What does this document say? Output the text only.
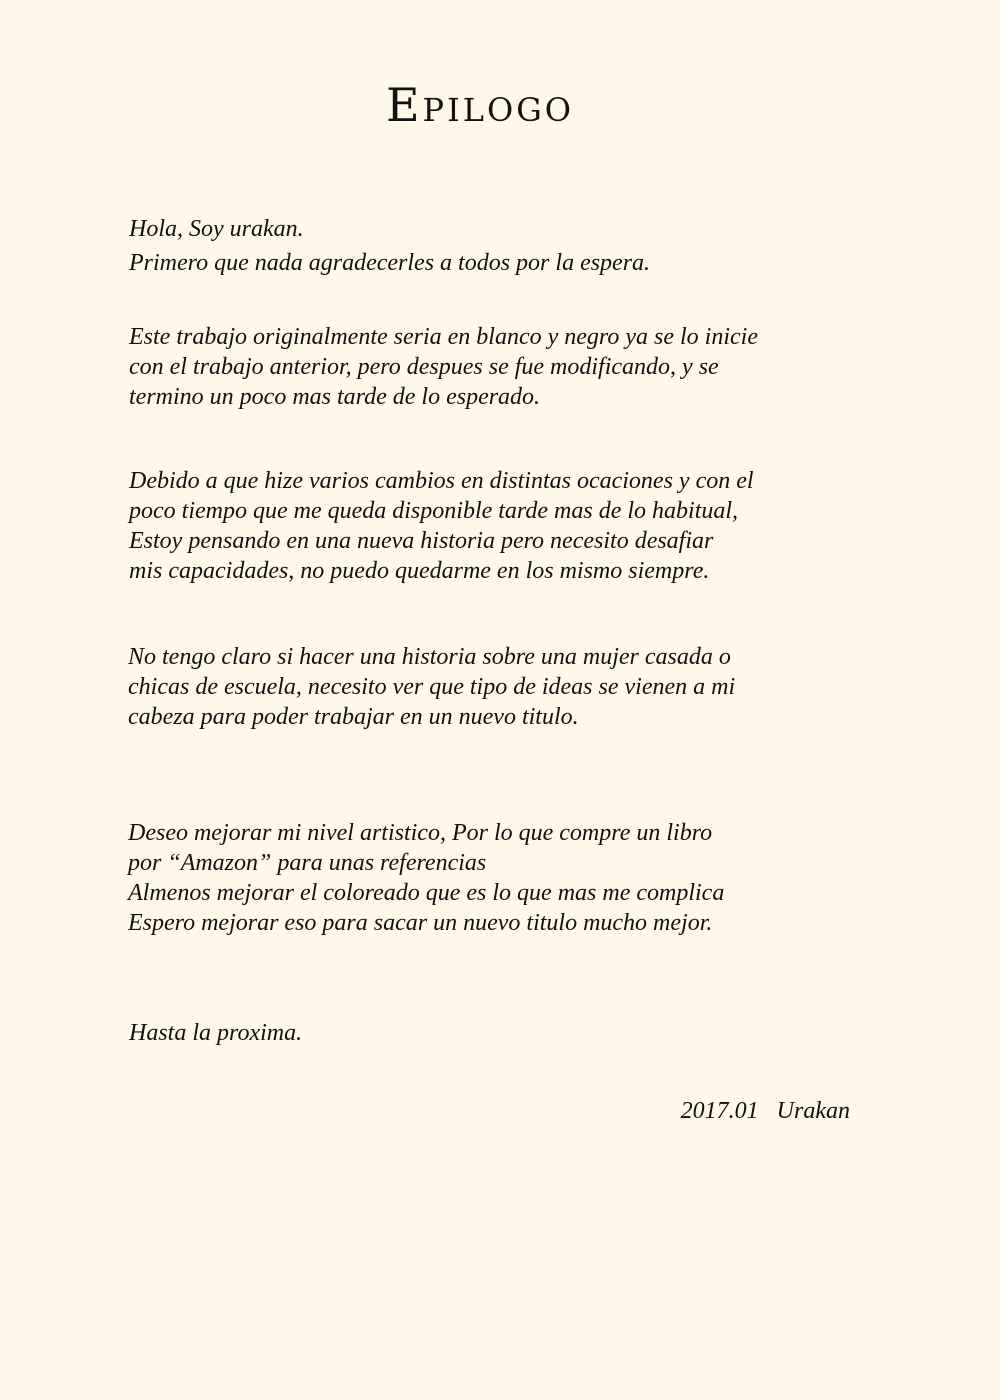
Epilogo
Hola, Soy urakan.
Primero que nada agradecerles a todos por la espera.
Este trabajo originalmente seria en blanco y negro ya se lo inicie
con el trabajo anterior, pero despues se fue modificando, y se
termino un poco mas tarde de lo esperado.
Debido a que hize varios cambios en distintas ocaciones y con el
poco tiempo que me queda disponible tarde mas de lo habitual,
Estoy pensando en una nueva historia pero necesito desafiar
mis capacidades, no puedo quedarme en los mismo siempre.
No tengo claro si hacer una historia sobre una mujer casada o
chicas de escuela, necesito ver que tipo de ideas se vienen a mi
cabeza para poder trabajar en un nuevo titulo.
Deseo mejorar mi nivel artistico, Por lo que compre un libro
por “Amazon” para unas referencias
Almenos mejorar el coloreado que es lo que mas me complica
Espero mejorar eso para sacar un nuevo titulo mucho mejor.
Hasta la proxima.
2017.01 Urakan
